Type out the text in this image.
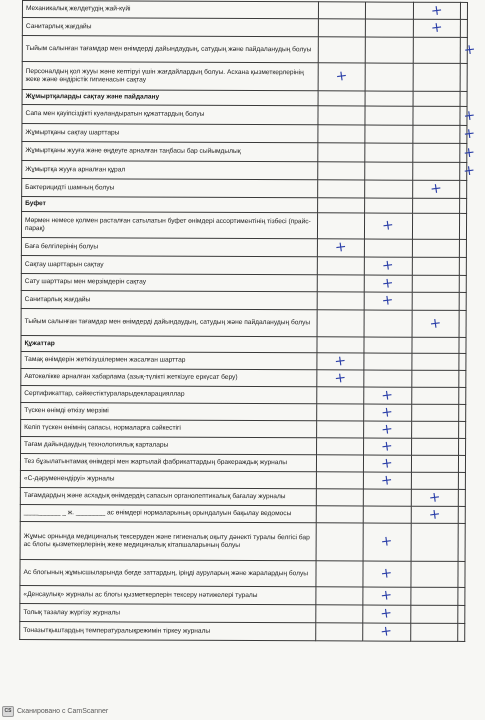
Механикалық желдетудің жай-күйі			+	
Санитарлық жағдайы			+	
Тыйым салынған тағамдар мен өнімдерді дайындаудың, сатудың және пайдаланудың болуы				+
Персоналдың қол жууы және кептіруі үшін жағдайлардың болуы. Асхана қызметкерлерінің жеке және өндірістік гигиенасын сақтау	+			
Жұмыртқаларды сақтау және пайдалану				
Сапа мен қауіпсіздікті куәландыратын құжаттардың болуы				+
Жұмыртқаны сақтау шарттары				+
Жұмыртқаны жууға және өңдеуге арналған таңбасы бар сыйымдылық				+
Жұмыртқа жууға арналған құрал				+
Бактерицидті шамның болуы			+	
Буфет				
Мөрмен немесе қолмен расталған сатылатын буфет өнімдері ассортиментінің тізбесі (прайс-парақ)		+		
Баға белгілерінің болуы	+			
Сақтау шарттарын сақтау		+		
Сату шарттары мен мерзімдерін сақтау		+		
Санитарлық жағдайы		+		
Тыйым салынған тағамдар мен өнімдерді дайындаудың, сатудың және пайдаланудың болуы			+	
Құжаттар				
Тамақ өнімдерін жеткізушілермен жасалған шарттар	+			
Автокөлікке арналған хабарлама (азық-түлікті жеткізуге еркүсат беру)	+			
Сертификаттар, сәйкестіктураларыдекларацияллар		+		
Түскен өнімді өткізу мерзімі		+		
Келіп түскен өнімнің сапасы, нормаларға сәйкестігі		+		
Тағам дайындаудың технологиялық карталары		+		
Тез бұзылатынтамақ өнімдері мен жартылай фабрикаттардың бракераждық журналы		+		
«С-дәруменендіруі» журналы		+		
Тағамдардың және асхадық өнімдердің сапасын органолептикалық бағалау журналы			+	
__________ _ ж. ________ ас өнімдері нормаларының орындалуын бақылау ведомосы			+	
Жұмыс орнында медициналық тексеруден және гигиеналық оқыту дәнекті туралы белгісі бар ас блогы қызметкерлерінің жеке медициналық кітапшаларының болуы		+		
Ас блогының жұмысшыларында бөгде заттардың, іріңді ауруларың және жаралардың болуы		+		
«Денсаулық» журналы ас блогы қызметкерлерін тексеру нәтижелері туралы		+		
Толық тазалау жүргізу журналы		+		
Тоназытқыштардың температуралықрежимін тіркеу журналы		+		
CS Сканировано с CamScanner
